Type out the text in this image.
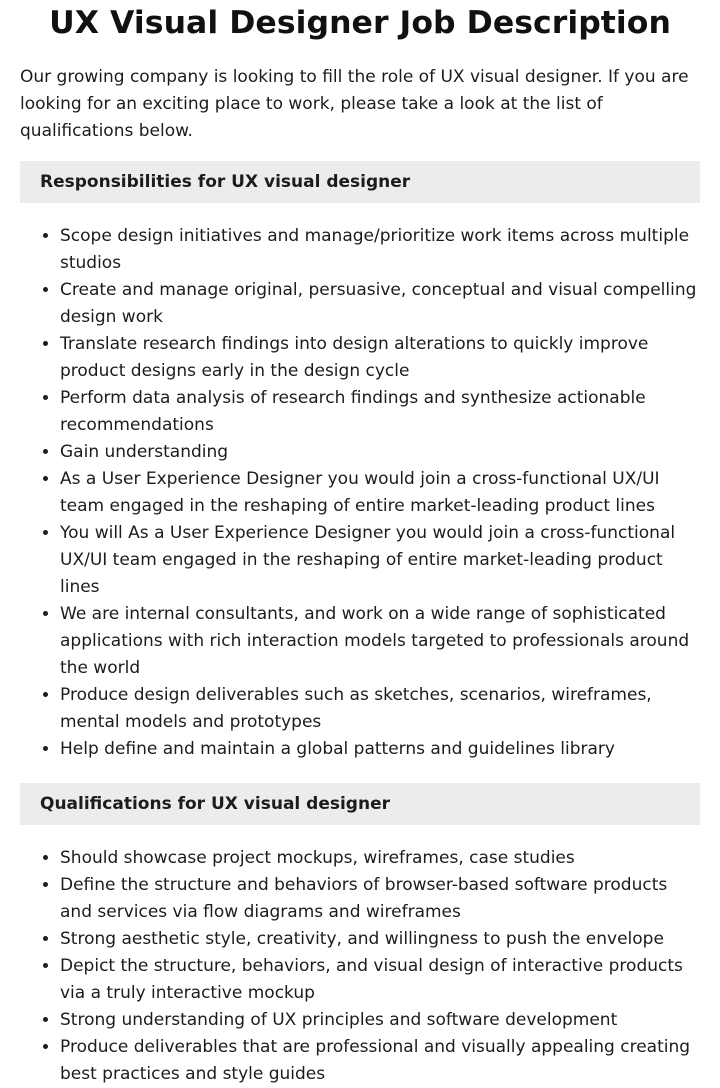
UX Visual Designer Job Description

Our growing company is looking to fill the role of UX visual designer. If you are looking for an exciting place to work, please take a look at the list of qualifications below.

Responsibilities for UX visual designer
• Scope design initiatives and manage/prioritize work items across multiple studios
• Create and manage original, persuasive, conceptual and visual compelling design work
• Translate research findings into design alterations to quickly improve product designs early in the design cycle
• Perform data analysis of research findings and synthesize actionable recommendations
• Gain understanding
• As a User Experience Designer you would join a cross-functional UX/UI team engaged in the reshaping of entire market-leading product lines
• You will As a User Experience Designer you would join a cross-functional UX/UI team engaged in the reshaping of entire market-leading product lines
• We are internal consultants, and work on a wide range of sophisticated applications with rich interaction models targeted to professionals around the world
• Produce design deliverables such as sketches, scenarios, wireframes, mental models and prototypes
• Help define and maintain a global patterns and guidelines library
Qualifications for UX visual designer
• Should showcase project mockups, wireframes, case studies
• Define the structure and behaviors of browser-based software products and services via flow diagrams and wireframes
• Strong aesthetic style, creativity, and willingness to push the envelope
• Depict the structure, behaviors, and visual design of interactive products via a truly interactive mockup
• Strong understanding of UX principles and software development
• Produce deliverables that are professional and visually appealing creating best practices and style guides
